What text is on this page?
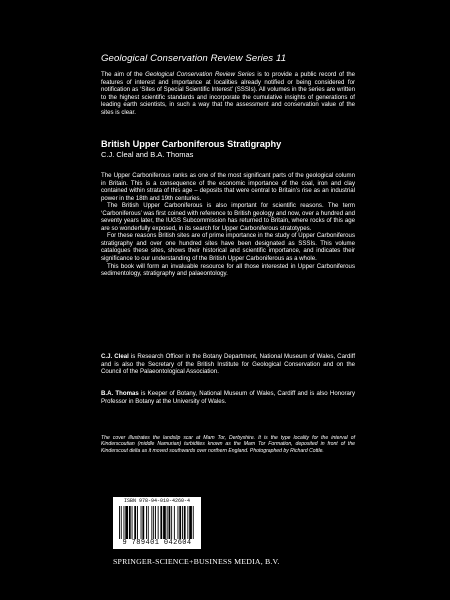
Geological Conservation Review Series 11
The aim of the Geological Conservation Review Series is to provide a public record of the features of interest and importance at localities already notified or being considered for notification as ‘Sites of Special Scientific Interest’ (SSSIs). All volumes in the series are written to the highest scientific standards and incorporate the cumulative insights of generations of leading earth scientists, in such a way that the assessment and conservation value of the sites is clear.
British Upper Carboniferous Stratigraphy
C.J. Cleal and B.A. Thomas

The Upper Carboniferous ranks as one of the most significant parts of the geological column in Britain. This is a consequence of the economic importance of the coal, iron and clay contained within strata of this age – deposits that were central to Britain’s rise as an industrial power in the 18th and 19th centuries.

The British Upper Carboniferous is also important for scientific reasons. The term ‘Carboniferous’ was first coined with reference to British geology and now, over a hundred and seventy years later, the IUGS Subcommission has returned to Britain, where rocks of this age are so wonderfully exposed, in its search for Upper Carboniferous stratotypes.

For these reasons British sites are of prime importance in the study of Upper Carboniferous stratigraphy and over one hundred sites have been designated as SSSIs. This volume catalogues these sites, shows their historical and scientific importance, and indicates their significance to our understanding of the British Upper Carboniferous as a whole.

This book will form an invaluable resource for all those interested in Upper Carboniferous sedimentology, stratigraphy and palaeontology.

C.J. Cleal is Research Officer in the Botany Department, National Museum of Wales, Cardiff and is also the Secretary of the British Institute for Geological Conservation and on the Council of the Palaeontological Association.

B.A. Thomas is Keeper of Botany, National Museum of Wales, Cardiff and is also Honorary Professor in Botany at the University of Wales.

The cover illustrates the landslip scar at Mam Tor, Derbyshire. It is the type locality for the interval of Kinderscoutian (middle Namurian) turbidites known as the Mam Tor Formation, deposited in front of the Kinderscout delta as it moved southwards over northern England. Photographed by Richard Cottle.
ISBN 978-94-010-4260-4
9 789401 042604
SPRINGER-SCIENCE+BUSINESS MEDIA, B.V.
